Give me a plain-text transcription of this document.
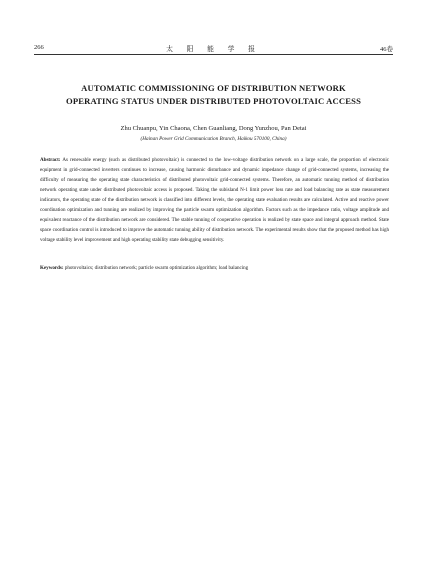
266	太 阳 能 学 报	46卷
AUTOMATIC COMMISSIONING OF DISTRIBUTION NETWORK
OPERATING STATUS UNDER DISTRIBUTED PHOTOVOLTAIC ACCESS
Zhu Chuanpu, Yin Chaona, Chen Guanliang, Dong Yunzhou, Pan Detai
(Hainan Power Grid Communication Branch, Haikou 570100, China)
Abstract: As renewable energy (such as distributed photovoltaic) is connected to the low-voltage distribution network on a large scale, the proportion of electronic equipment in grid-connected inverters continues to increase, causing harmonic disturbance and dynamic impedance change of grid-connected systems, increasing the difficulty of measuring the operating state characteristics of distributed photovoltaic grid-connected systems. Therefore, an automatic tunning method of distribution network operating state under distributed photovoltaic access is proposed. Taking the subisland N-1 limit power loss rate and load balancing rate as state measurement indicators, the operating state of the distribution network is classified into different levels, the operating state evaluation results are calculated. Active and reactive power coordination optimization and tunning are realized by improving the particle swarm optimization algorithm. Factors such as the impedance ratio, voltage amplitude and equivalent reactance of the distribution network are considered. The stable tunning of cooperative operation is realized by state space and integral approach method. State space coordination control is introduced to improve the automatic tunning ability of distribution network. The experimental results show that the proposed method has high voltage stability level improvement and high operating stability state debugging sensitivity.
Keywords: photovoltaics; distribution network; particle swarm optimization algorithm; load balancing
